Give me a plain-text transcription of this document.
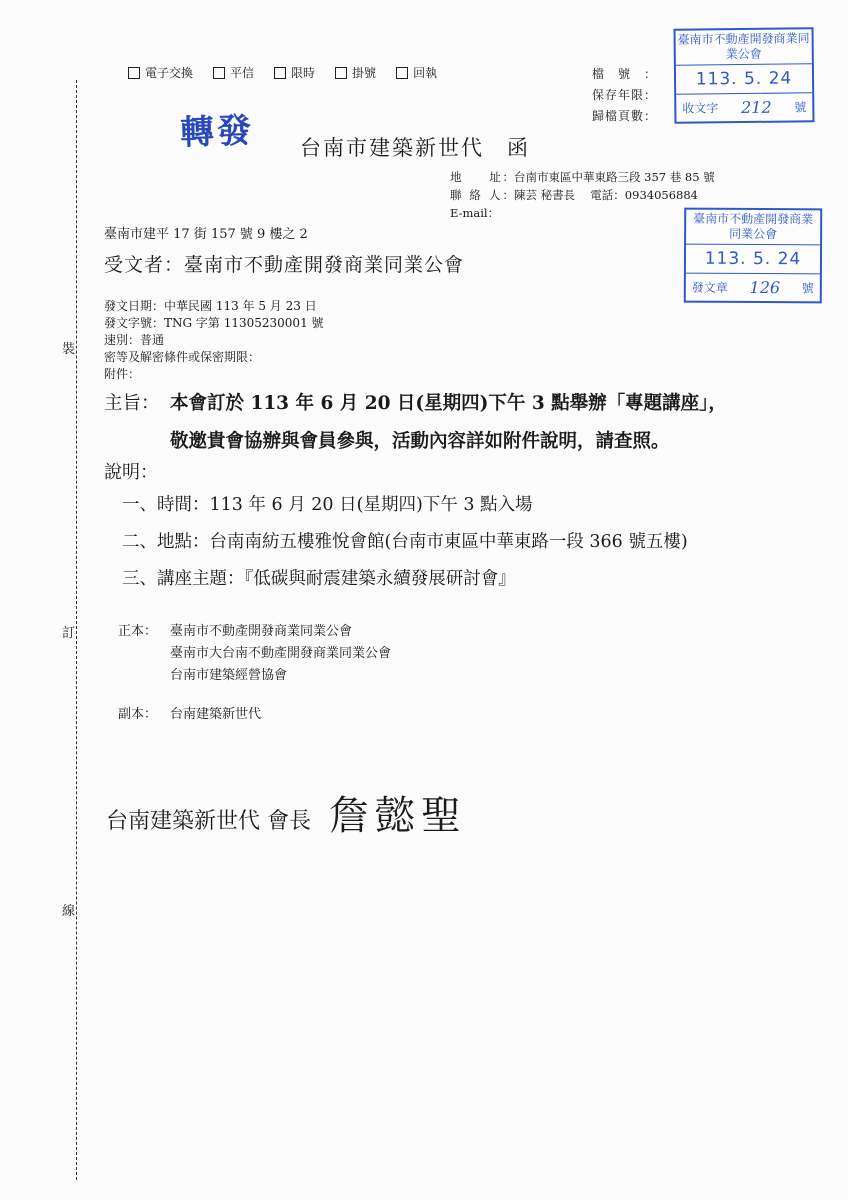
裝
訂
線
電子交換	平信	限時	掛號	回執	檔號：
保存年限：
歸檔頁數：
臺南市不動產開發商業同業公會
113. 5. 24
收文字 212 號
臺南市不動產開發商業同業公會
113. 5. 24
發文章 126 號
轉發 台南市建築新世代　函
地　　址： 台南市東區中華東路三段 357 巷 85 號
聯 絡 人： 陳芸 秘書長　 電話：0934056884
E-mail：
臺南市建平 17 街 157 號 9 樓之 2
受文者：臺南市不動產開發商業同業公會
發文日期：中華民國 113 年 5 月 23 日
發文字號：TNG 字第 11305230001 號
速別：普通
密等及解密條件或保密期限：
附件：
主旨： 本會訂於 113 年 6 月 20 日(星期四)下午 3 點舉辦「專題講座」，
敬邀貴會協辦與會員參與，活動內容詳如附件說明，請查照。
說明：
一、時間：113 年 6 月 20 日(星期四)下午 3 點入場
二、地點：台南南紡五樓雅悅會館(台南市東區中華東路一段 366 號五樓)
三、講座主題：『低碳與耐震建築永續發展研討會』
正本： 臺南市不動產開發商業同業公會
臺南市大台南不動產開發商業同業公會
台南市建築經營協會
副本： 台南建築新世代
台南建築新世代 會長 詹懿聖
